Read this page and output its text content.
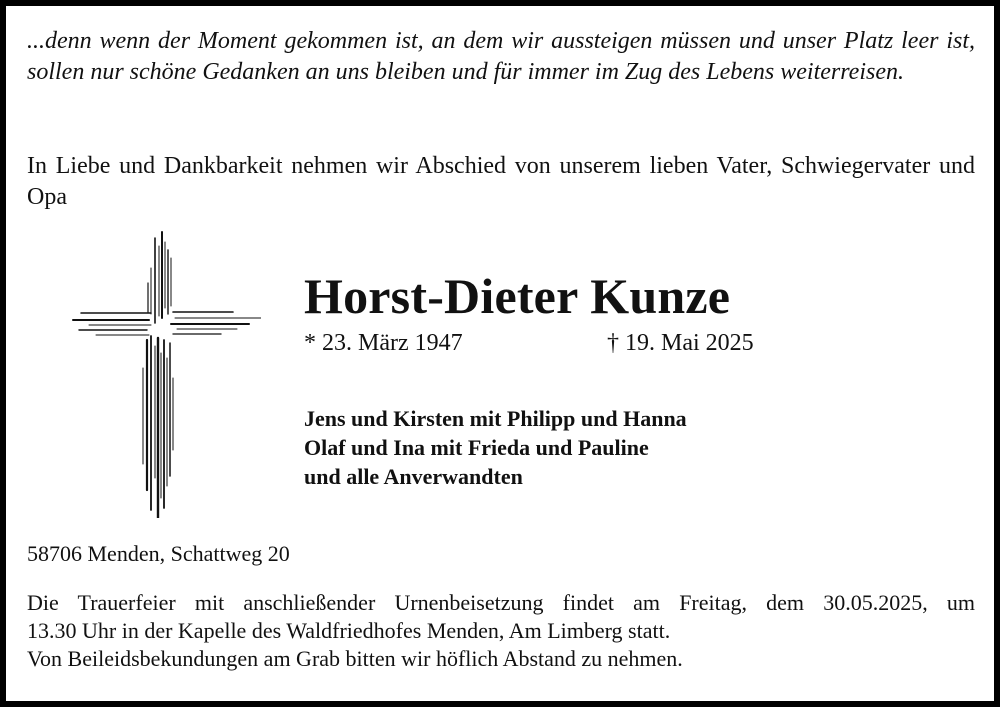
...denn wenn der Moment gekommen ist, an dem wir aussteigen müssen und unser Platz leer ist, sollen nur schöne Gedanken an uns bleiben und für immer im Zug des Lebens weiterreisen.

In Liebe und Dankbarkeit nehmen wir Abschied von unserem lieben Vater, Schwiegervater und Opa

Horst-Dieter Kunze
* 23. März 1947	† 19. Mai 2025
Jens und Kirsten mit Philipp und Hanna
Olaf und Ina mit Frieda und Pauline
und alle Anverwandten
58706 Menden, Schattweg 20

Die Trauerfeier mit anschließender Urnenbeisetzung findet am Freitag, dem 30.05.2025, um
13.30 Uhr in der Kapelle des Waldfriedhofes Menden, Am Limberg statt.
Von Beileidsbekundungen am Grab bitten wir höflich Abstand zu nehmen.
